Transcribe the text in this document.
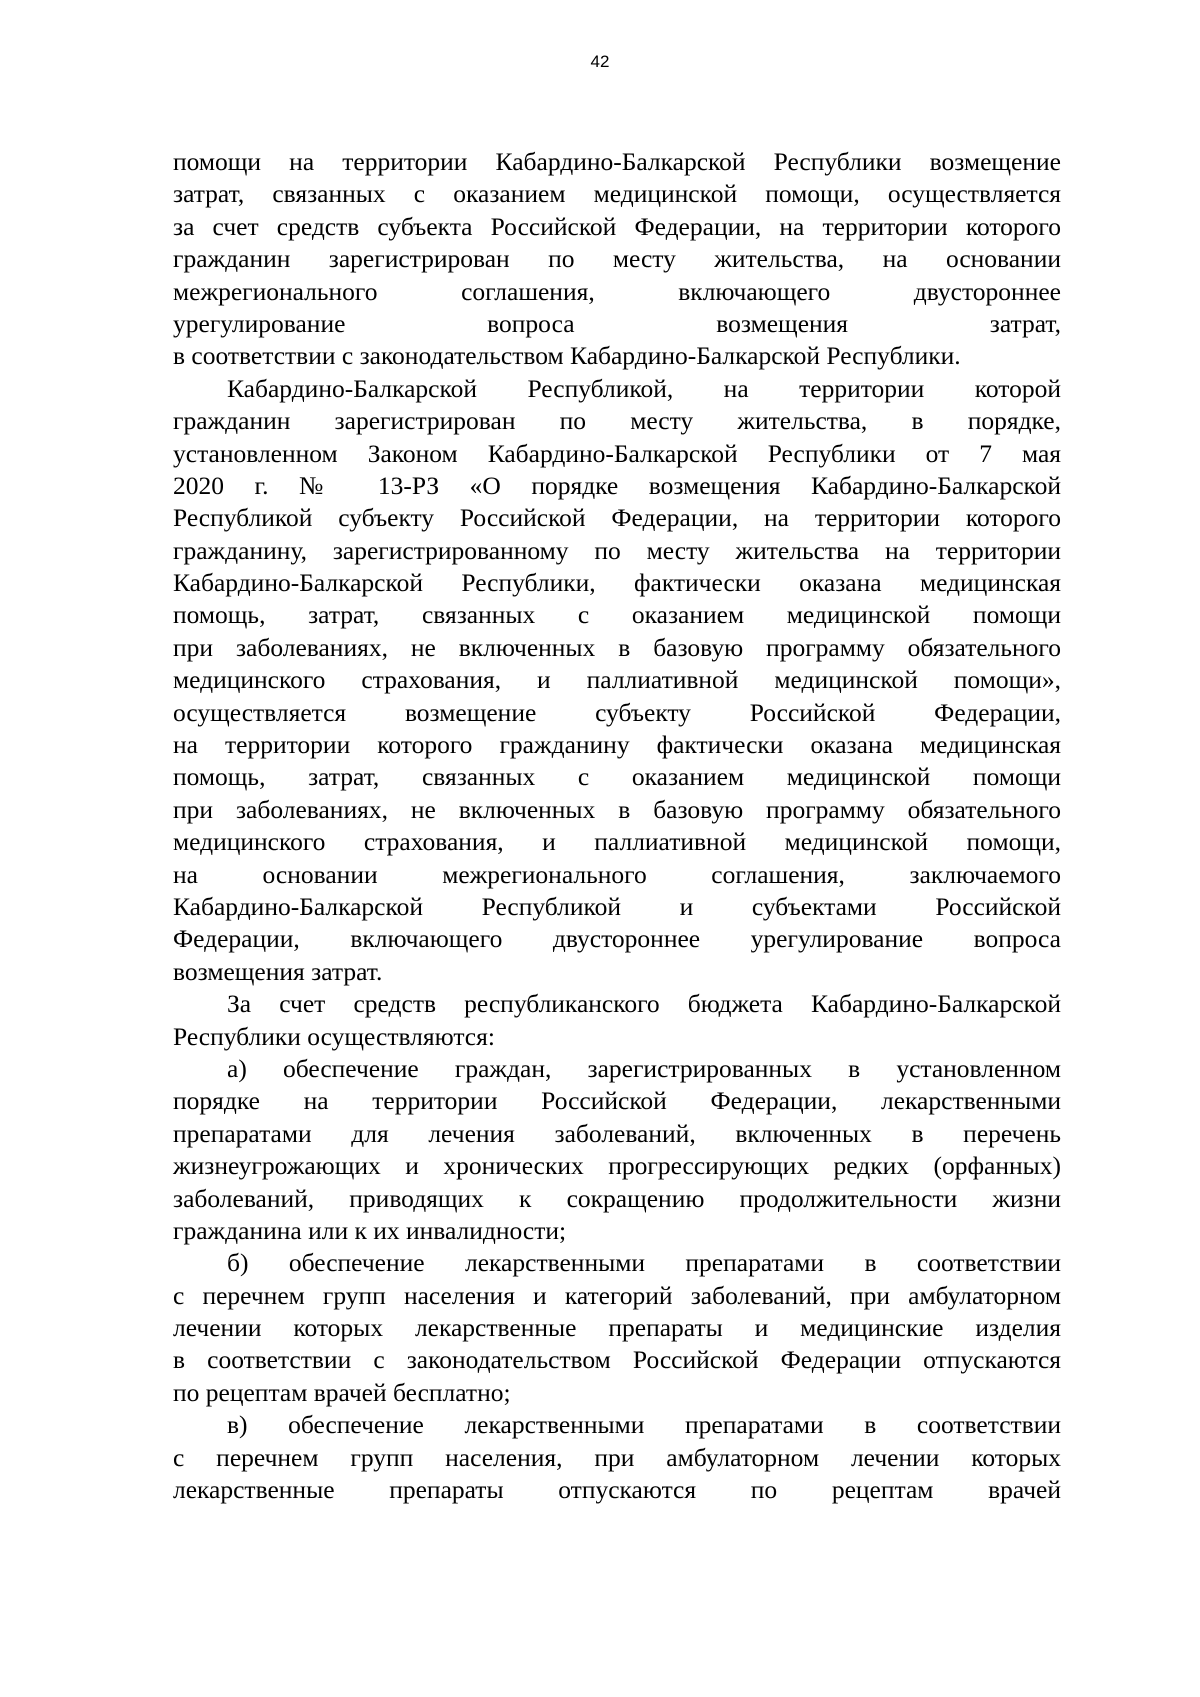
42
помощи на территории Кабардино-Балкарской Республики возмещение
затрат, связанных с оказанием медицинской помощи, осуществляется
за счет средств субъекта Российской Федерации, на территории которого
гражданин зарегистрирован по месту жительства, на основании
межрегионального соглашения, включающего двустороннее
урегулирование вопроса возмещения затрат,
в соответствии с законодательством Кабардино-Балкарской Республики.
Кабардино-Балкарской Республикой, на территории которой
гражданин зарегистрирован по месту жительства, в порядке,
установленном Законом Кабардино-Балкарской Республики от 7 мая
2020 г. № 13-РЗ «О порядке возмещения Кабардино-Балкарской
Республикой субъекту Российской Федерации, на территории которого
гражданину, зарегистрированному по месту жительства на территории
Кабардино-Балкарской Республики, фактически оказана медицинская
помощь, затрат, связанных с оказанием медицинской помощи
при заболеваниях, не включенных в базовую программу обязательного
медицинского страхования, и паллиативной медицинской помощи»,
осуществляется возмещение субъекту Российской Федерации,
на территории которого гражданину фактически оказана медицинская
помощь, затрат, связанных с оказанием медицинской помощи
при заболеваниях, не включенных в базовую программу обязательного
медицинского страхования, и паллиативной медицинской помощи,
на основании межрегионального соглашения, заключаемого
Кабардино-Балкарской Республикой и субъектами Российской
Федерации, включающего двустороннее урегулирование вопроса
возмещения затрат.
За счет средств республиканского бюджета Кабардино-Балкарской
Республики осуществляются:
а) обеспечение граждан, зарегистрированных в установленном
порядке на территории Российской Федерации, лекарственными
препаратами для лечения заболеваний, включенных в перечень
жизнеугрожающих и хронических прогрессирующих редких (орфанных)
заболеваний, приводящих к сокращению продолжительности жизни
гражданина или к их инвалидности;
б) обеспечение лекарственными препаратами в соответствии
с перечнем групп населения и категорий заболеваний, при амбулаторном
лечении которых лекарственные препараты и медицинские изделия
в соответствии с законодательством Российской Федерации отпускаются
по рецептам врачей бесплатно;
в) обеспечение лекарственными препаратами в соответствии
с перечнем групп населения, при амбулаторном лечении которых
лекарственные препараты отпускаются по рецептам врачей
